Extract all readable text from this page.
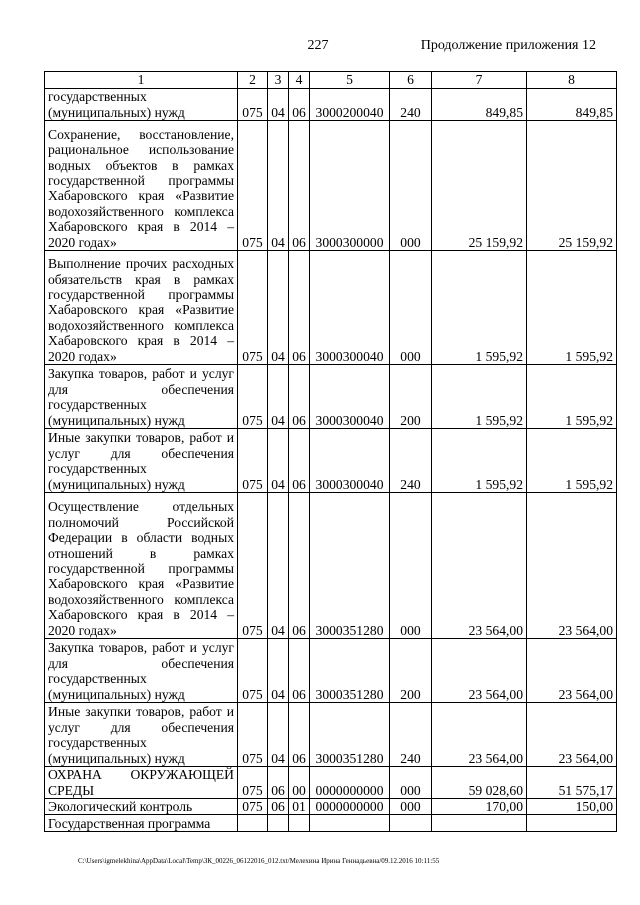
227	Продолжение приложения 12
1	2	3	4	5	6	7	8
государственных (муниципальных) нужд	075	04	06	3000200040	240	849,85	849,85
Сохранение, восстановление, рациональное использование водных объектов в рамках государственной программы Хабаровского края «Развитие водохозяйственного комплекса Хабаровского края в 2014 – 2020 годах»	075	04	06	3000300000	000	25 159,92	25 159,92
Выполнение прочих расходных обязательств края в рамках государственной программы Хабаровского края «Развитие водохозяйственного комплекса Хабаровского края в 2014 – 2020 годах»	075	04	06	3000300040	000	1 595,92	1 595,92
Закупка товаров, работ и услуг для обеспечения государственных (муниципальных) нужд	075	04	06	3000300040	200	1 595,92	1 595,92
Иные закупки товаров, работ и услуг для обеспечения государственных (муниципальных) нужд	075	04	06	3000300040	240	1 595,92	1 595,92
Осуществление отдельных полномочий Российской Федерации в области водных отношений в рамках государственной программы Хабаровского края «Развитие водохозяйственного комплекса Хабаровского края в 2014 – 2020 годах»	075	04	06	3000351280	000	23 564,00	23 564,00
Закупка товаров, работ и услуг для обеспечения государственных (муниципальных) нужд	075	04	06	3000351280	200	23 564,00	23 564,00
Иные закупки товаров, работ и услуг для обеспечения государственных (муниципальных) нужд	075	04	06	3000351280	240	23 564,00	23 564,00
ОХРАНА ОКРУЖАЮЩЕЙ СРЕДЫ	075	06	00	0000000000	000	59 028,60	51 575,17
Экологический контроль	075	06	01	0000000000	000	170,00	150,00
Государственная программа							
C:\Users\igmelekhina\AppData\Local\Temp\ЗК_00226_06122016_012.txt/Мелехина Ирина Геннадьевна/09.12.2016 10:11:55
